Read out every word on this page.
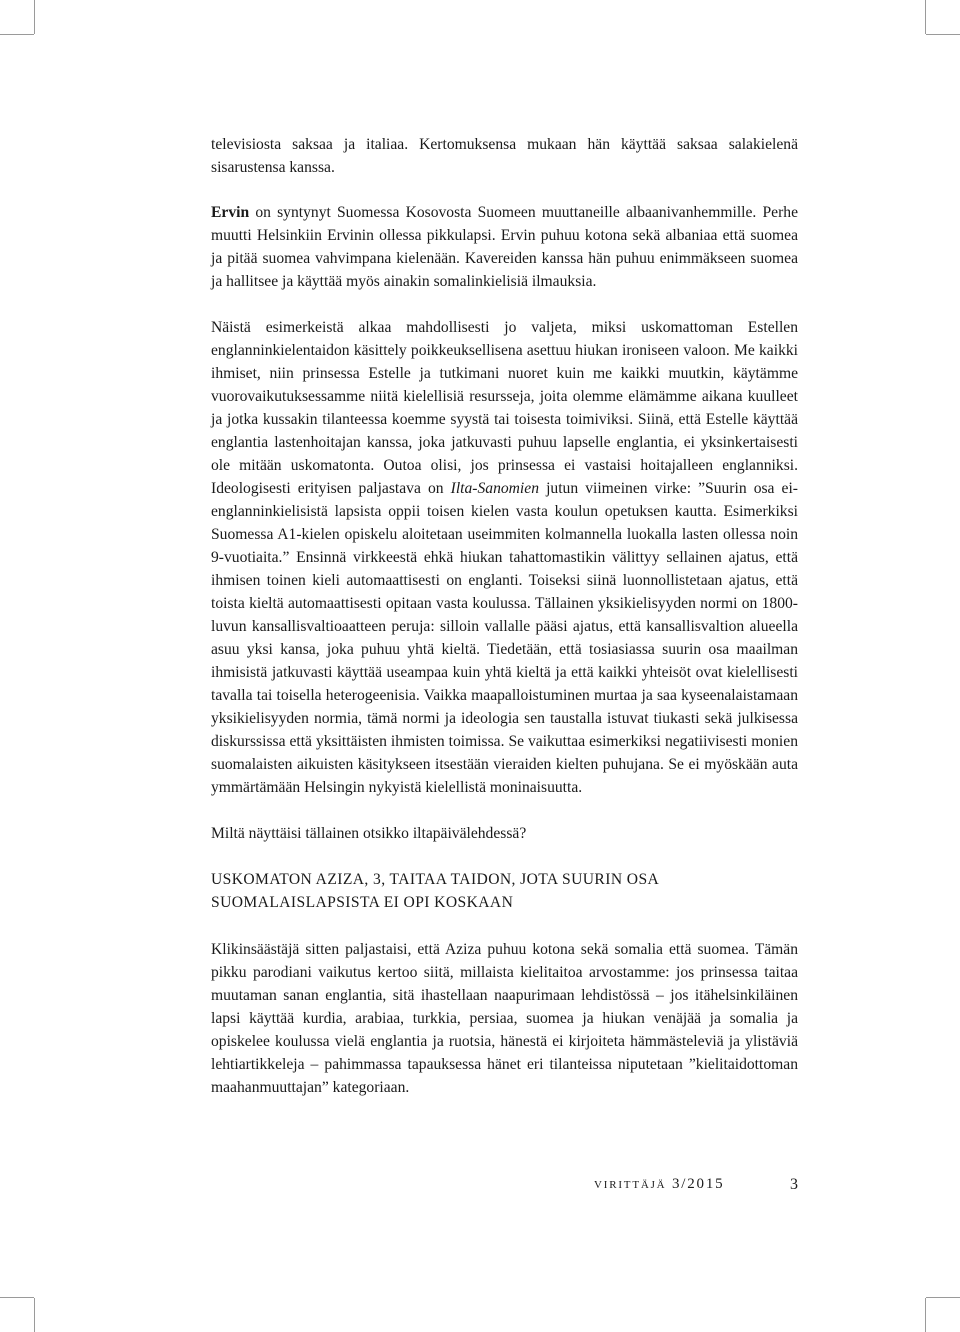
televisiosta saksaa ja italiaa. Kertomuksensa mukaan hän käyttää saksaa salakielenä sisarustensa kanssa.

Ervin on syntynyt Suomessa Kosovosta Suomeen muuttaneille albaanivanhemmille. Perhe muutti Helsinkiin Ervinin ollessa pikkulapsi. Ervin puhuu kotona sekä albaniaa että suomea ja pitää suomea vahvimpana kielenään. Kavereiden kanssa hän puhuu enimmäkseen suomea ja hallitsee ja käyttää myös ainakin somalinkielisiä ilmauksia.

Näistä esimerkeistä alkaa mahdollisesti jo valjeta, miksi uskomattoman Estellen englanninkielentaidon käsittely poikkeuksellisena asettuu hiukan ironiseen valoon. Me kaikki ihmiset, niin prinsessa Estelle ja tutkimani nuoret kuin me kaikki muutkin, käytämme vuorovaikutuksessamme niitä kielellisiä resursseja, joita olemme elämämme aikana kuulleet ja jotka kussakin tilanteessa koemme syystä tai toisesta toimiviksi. Siinä, että Estelle käyttää englantia lastenhoitajan kanssa, joka jatkuvasti puhuu lapselle englantia, ei yksinkertaisesti ole mitään uskomatonta. Outoa olisi, jos prinsessa ei vastaisi hoitajalleen englanniksi. Ideologisesti erityisen paljastava on Ilta-Sanomien jutun viimeinen virke: ”Suurin osa ei-englanninkielisistä lapsista oppii toisen kielen vasta koulun opetuksen kautta. Esimerkiksi Suomessa A1-kielen opiskelu aloitetaan useimmiten kolmannella luokalla lasten ollessa noin 9-vuotiaita.” Ensinnä virkkeestä ehkä hiukan tahattomastikin välittyy sellainen ajatus, että ihmisen toinen kieli automaattisesti on englanti. Toiseksi siinä luonnollistetaan ajatus, että toista kieltä automaattisesti opitaan vasta koulussa. Tällainen yksikielisyyden normi on 1800-luvun kansallisvaltioaatteen peruja: silloin vallalle pääsi ajatus, että kansallisvaltion alueella asuu yksi kansa, joka puhuu yhtä kieltä. Tiedetään, että tosiasiassa suurin osa maailman ihmisistä jatkuvasti käyttää useampaa kuin yhtä kieltä ja että kaikki yhteisöt ovat kielellisesti tavalla tai toisella heterogeenisia. Vaikka maapalloistuminen murtaa ja saa kyseenalaistamaan yksikielisyyden normia, tämä normi ja ideologia sen taustalla istuvat tiukasti sekä julkisessa diskurssissa että yksittäisten ihmisten toimissa. Se vaikuttaa esimerkiksi negatiivisesti monien suomalaisten aikuisten käsitykseen itsestään vieraiden kielten puhujana. Se ei myöskään auta ymmärtämään Helsingin nykyistä kielellistä moninaisuutta.

Miltä näyttäisi tällainen otsikko iltapäivälehdessä?

USKOMATON AZIZA, 3, TAITAA TAIDON, JOTA SUURIN OSA SUOMALAISLAPSISTA EI OPI KOSKAAN

Klikinsäästäjä sitten paljastaisi, että Aziza puhuu kotona sekä somalia että suomea. Tämän pikku parodiani vaikutus kertoo siitä, millaista kielitaitoa arvostamme: jos prinsessa taitaa muutaman sanan englantia, sitä ihastellaan naapurimaan lehdistössä – jos itähelsinkiläinen lapsi käyttää kurdia, arabiaa, turkkia, persiaa, suomea ja hiukan venäjää ja somalia ja opiskelee koulussa vielä englantia ja ruotsia, hänestä ei kirjoiteta hämmästeleviä ja ylistäviä lehtiartikkeleja – pahimmassa tapauksessa hänet eri tilanteissa niputetaan ”kielitaidottoman maahanmuuttajan” kategoriaan.

virittäjä 3/2015	3
